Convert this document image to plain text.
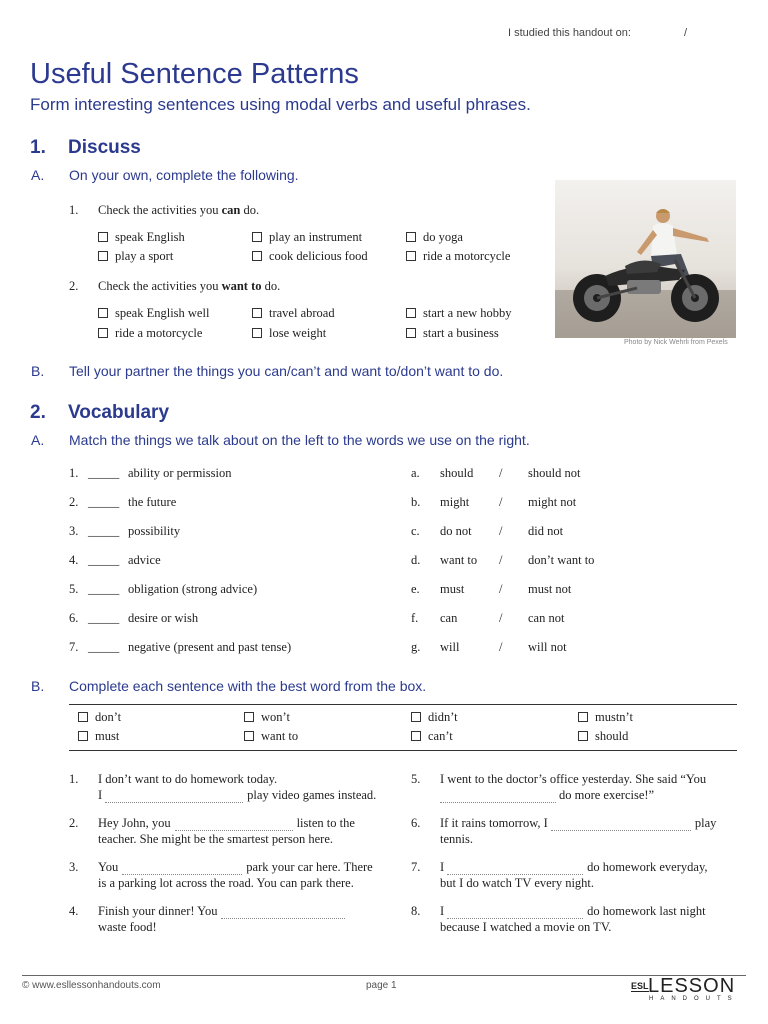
I studied this handout on:	/
Useful Sentence Patterns
Form interesting sentences using modal verbs and useful phrases.
1. Discuss
A. On your own, complete the following.
1. Check the activities you can do.
speak English	play an instrument	do yoga
play a sport	cook delicious food	ride a motorcycle
2. Check the activities you want to do.
speak English well	travel abroad	start a new hobby
ride a motorcycle	lose weight	start a business
Photo by Nick Wehrli from Pexels
B. Tell your partner the things you can/can’t and want to/don’t want to do.
2. Vocabulary
A. Match the things we talk about on the left to the words we use on the right.
1. _____ ability or permission
2. _____ the future
3. _____ possibility
4. _____ advice
5. _____ obligation (strong advice)
6. _____ desire or wish
7. _____ negative (present and past tense)
a. should / should not
b. might / might not
c. do not / did not
d. want to / don’t want to
e. must	/ must not
f. can	/ can not
g. will	/ will not
B. Complete each sentence with the best word from the box.
don’t	won’t	didn’t	mustn’t
must	want to	can’t	should
1. I don’t want to do homework today.
I	play video games instead.
2. Hey John, you	listen to the
teacher. She might be the smartest person here.
3. You	park your car here. There
is a parking lot across the road. You can park there.
4. Finish your dinner! You
waste food!
5. I went to the doctor’s office yesterday. She said “You
do more exercise!”
6. If it rains tomorrow, I	play
tennis.
7. I	do homework everyday,
but I do watch TV every night.
8. I	do homework last night
because I watched a movie on TV.
© www.esllessonhandouts.com	page 1	ESL LESSON
HANDOUTS
